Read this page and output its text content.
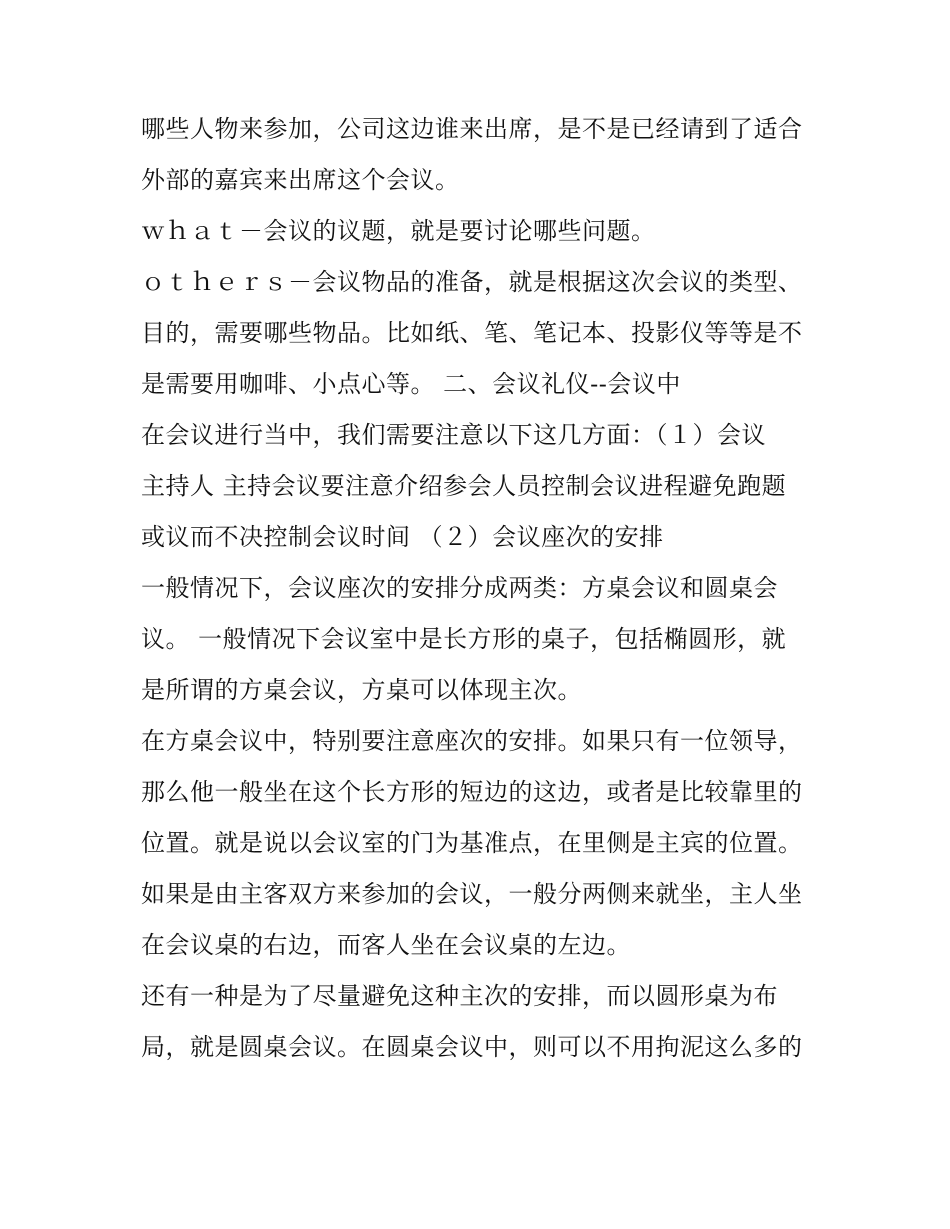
哪些人物来参加，公司这边谁来出席，是不是已经请到了适合
外部的嘉宾来出席这个会议。
ｗｈａｔ－会议的议题，就是要讨论哪些问题。
ｏｔｈｅｒｓ－会议物品的准备，就是根据这次会议的类型、
目的，需要哪些物品。比如纸、笔、笔记本、投影仪等等是不
是需要用咖啡、小点心等。 二、会议礼仪--会议中
在会议进行当中，我们需要注意以下这几方面：（１）会议
主持人 主持会议要注意介绍参会人员控制会议进程避免跑题
或议而不决控制会议时间 （２）会议座次的安排
一般情况下，会议座次的安排分成两类：方桌会议和圆桌会
议。 一般情况下会议室中是长方形的桌子，包括椭圆形，就
是所谓的方桌会议，方桌可以体现主次。
在方桌会议中，特别要注意座次的安排。如果只有一位领导，
那么他一般坐在这个长方形的短边的这边，或者是比较靠里的
位置。就是说以会议室的门为基准点，在里侧是主宾的位置。
如果是由主客双方来参加的会议，一般分两侧来就坐，主人坐
在会议桌的右边，而客人坐在会议桌的左边。
还有一种是为了尽量避免这种主次的安排，而以圆形桌为布
局，就是圆桌会议。在圆桌会议中，则可以不用拘泥这么多的
